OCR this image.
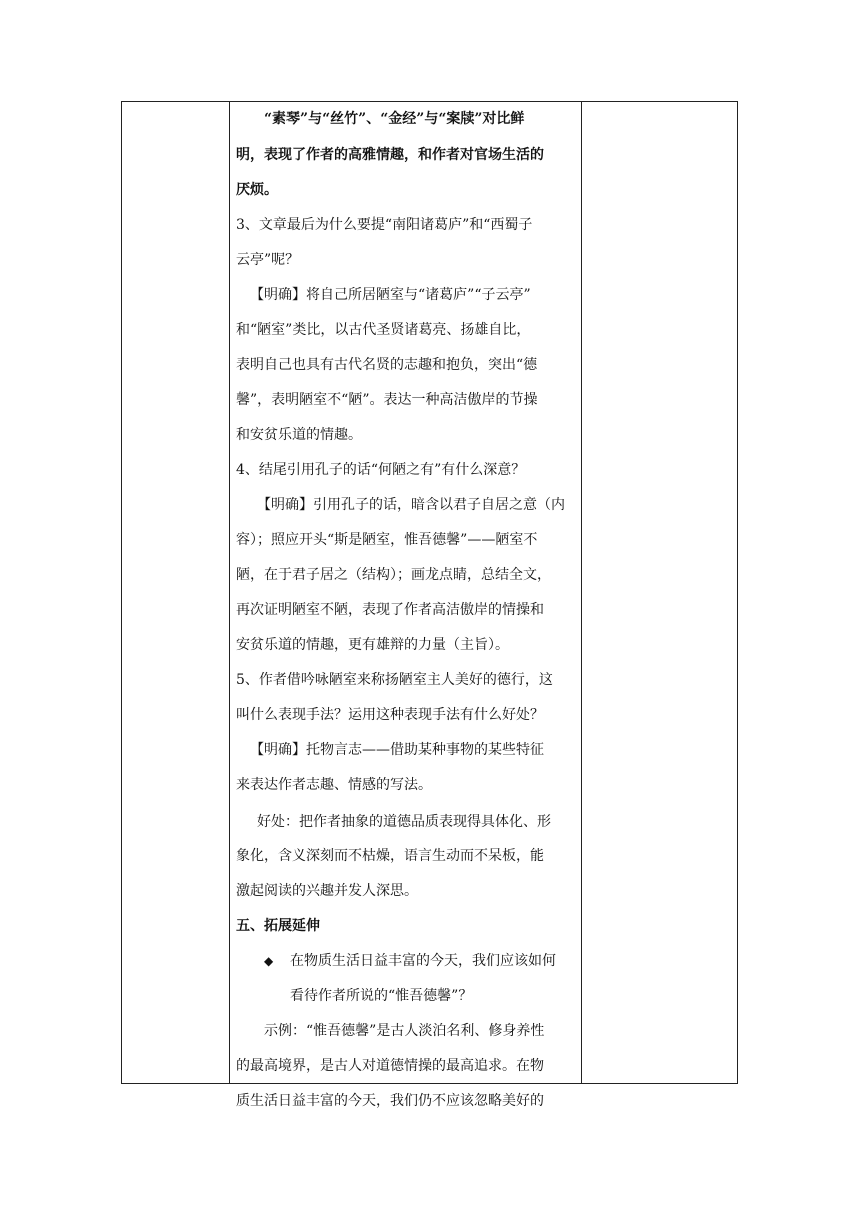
“素琴”与“丝竹”、“金经”与“案牍”对比鲜
明，表现了作者的高雅情趣，和作者对官场生活的
厌烦。
3、文章最后为什么要提“南阳诸葛庐”和“西蜀子
云亭”呢？
【明确】将自己所居陋室与“诸葛庐”“子云亭”
和“陋室”类比，以古代圣贤诸葛亮、扬雄自比，
表明自己也具有古代名贤的志趣和抱负，突出“德
馨”，表明陋室不“陋”。表达一种高洁傲岸的节操
和安贫乐道的情趣。
4、结尾引用孔子的话“何陋之有”有什么深意？
【明确】引用孔子的话，暗含以君子自居之意（内
容）；照应开头“斯是陋室，惟吾德馨”——陋室不
陋，在于君子居之（结构）；画龙点睛，总结全文，
再次证明陋室不陋，表现了作者高洁傲岸的情操和
安贫乐道的情趣，更有雄辩的力量（主旨）。
5、作者借吟咏陋室来称扬陋室主人美好的德行，这
叫什么表现手法？运用这种表现手法有什么好处？
【明确】托物言志——借助某种事物的某些特征
来表达作者志趣、情感的写法。
好处：把作者抽象的道德品质表现得具体化、形
象化，含义深刻而不枯燥，语言生动而不呆板，能
激起阅读的兴趣并发人深思。
五、拓展延伸
◆ 在物质生活日益丰富的今天，我们应该如何
看待作者所说的“惟吾德馨”？
示例：“惟吾德馨”是古人淡泊名利、修身养性
的最高境界，是古人对道德情操的最高追求。在物
质生活日益丰富的今天，我们仍不应该忽略美好的
